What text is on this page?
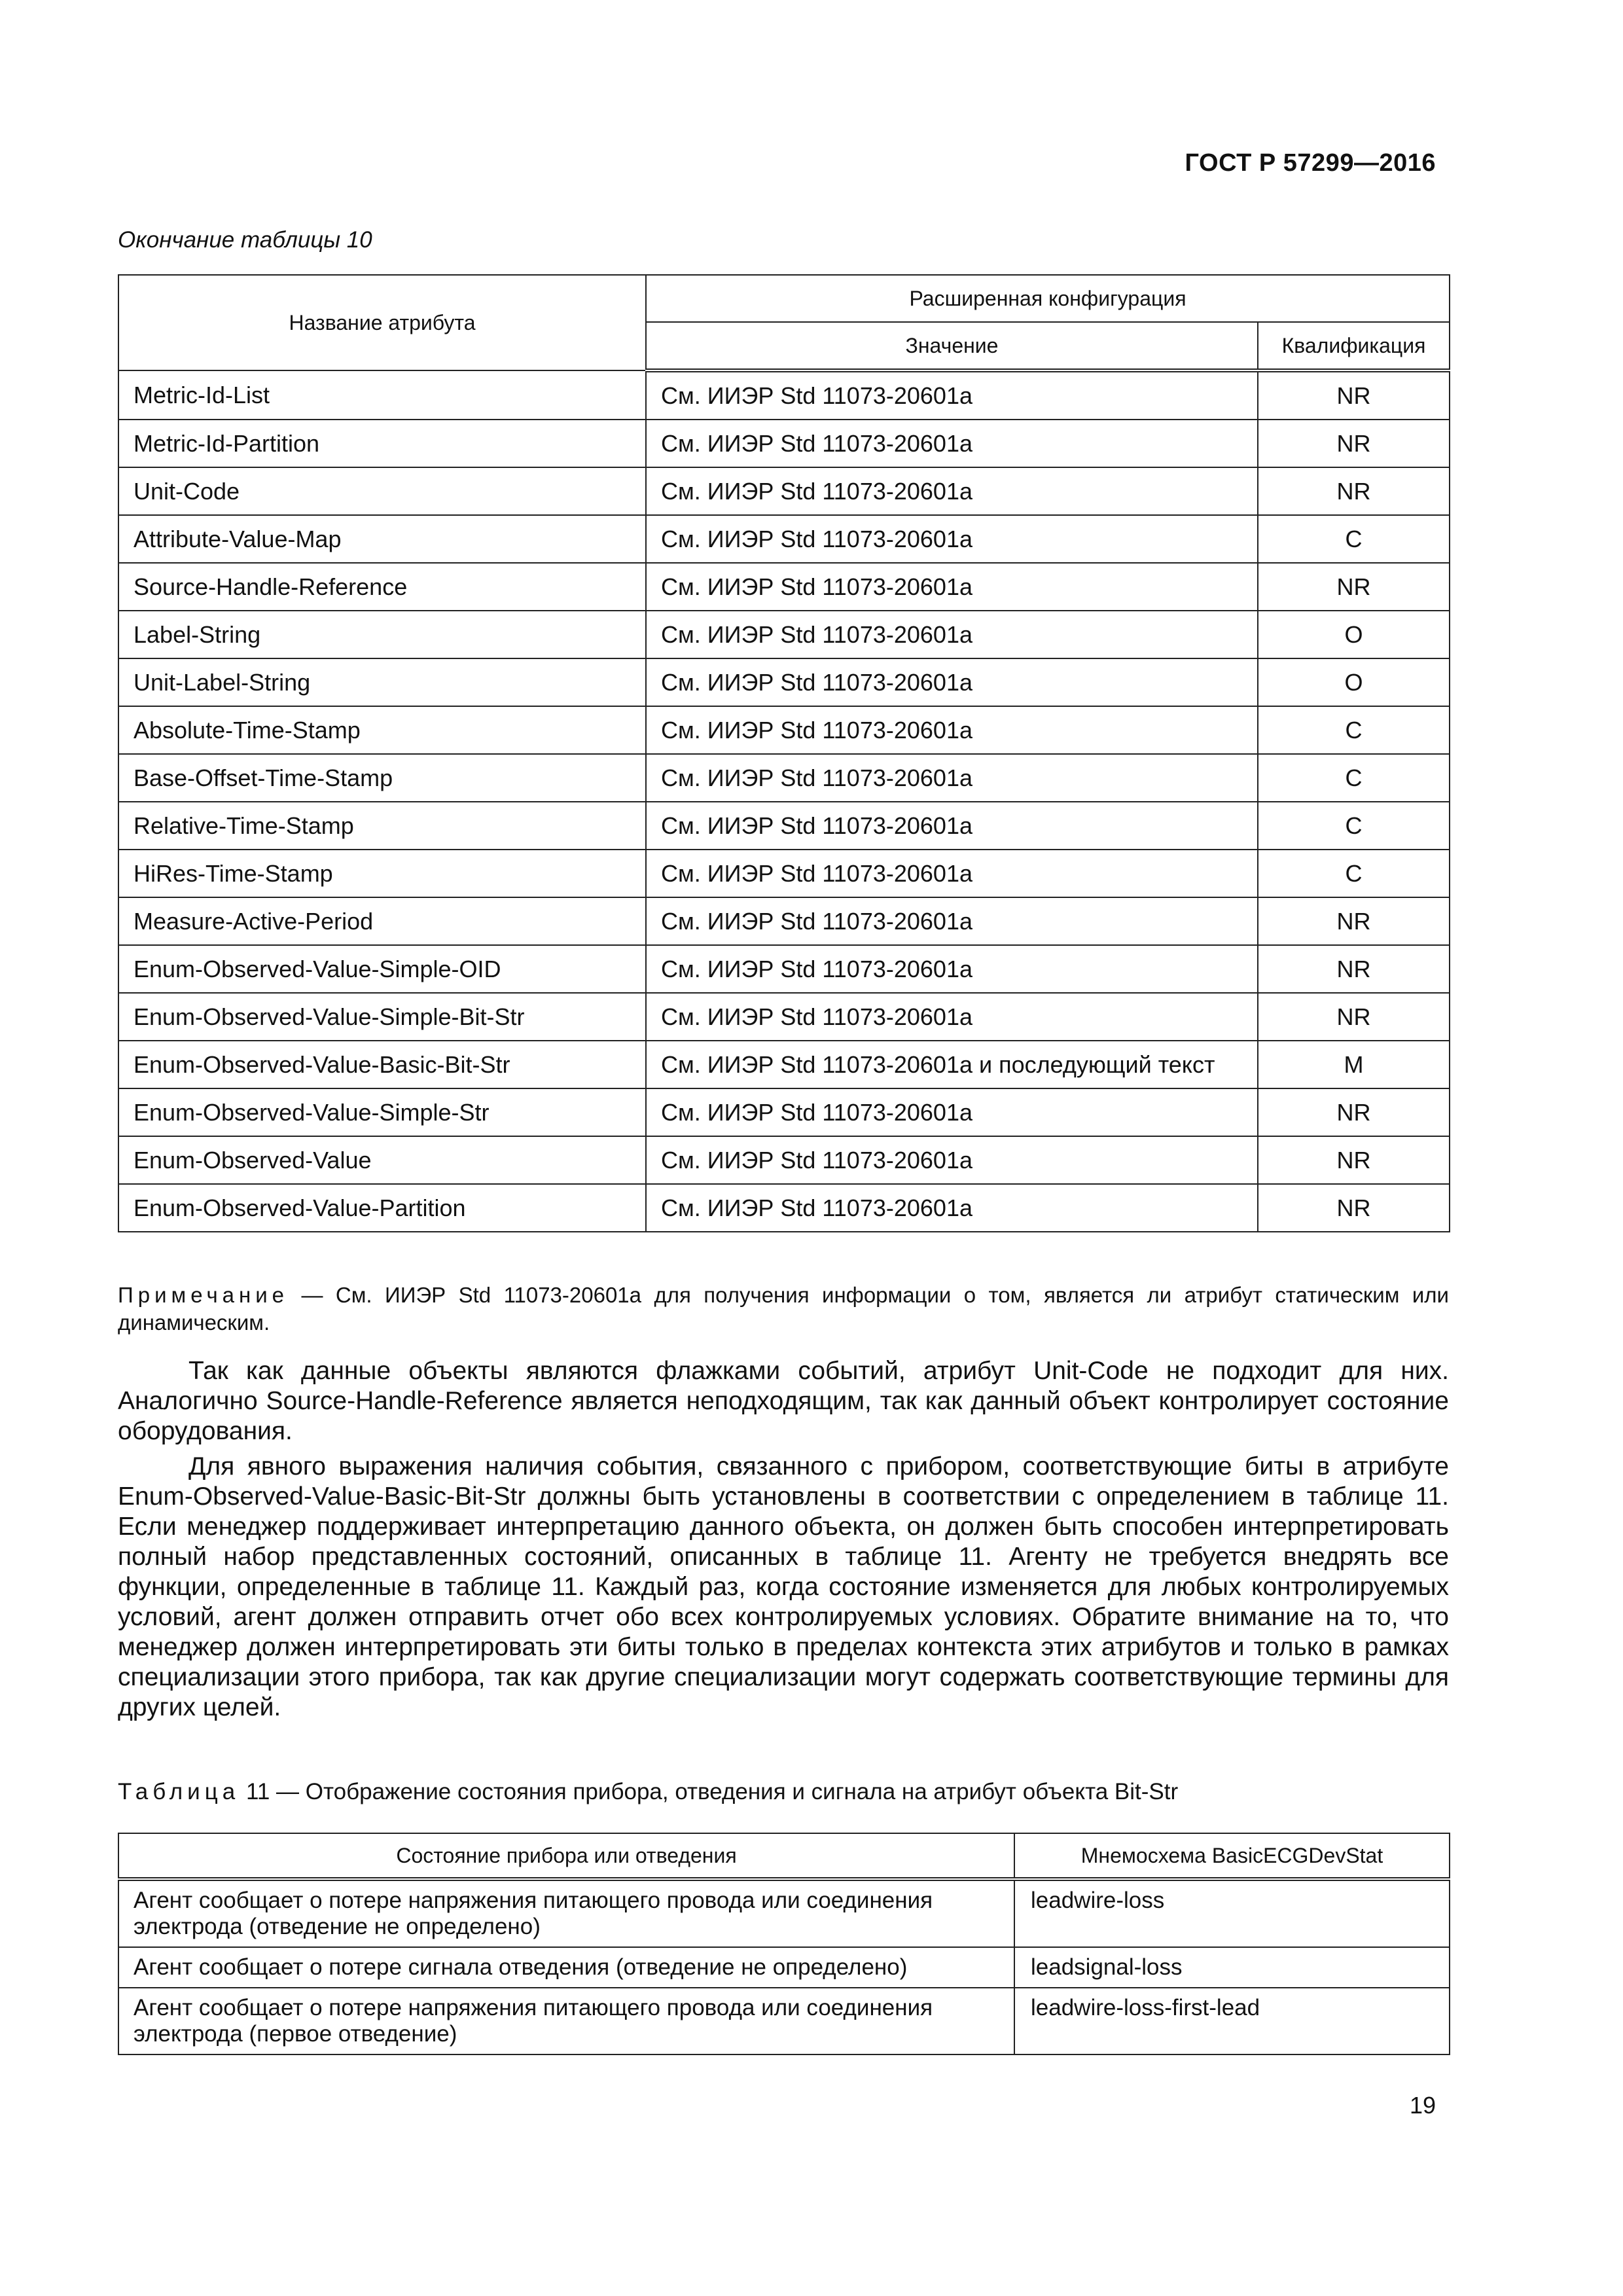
ГОСТ Р 57299—2016
Окончание таблицы 10
Название атрибута	Расширенная конфигурация	
	Значение	Квалификация
Metric-Id-List	См. ИИЭР Std 11073-20601a	NR
Metric-Id-Partition	См. ИИЭР Std 11073-20601a	NR
Unit-Code	См. ИИЭР Std 11073-20601a	NR
Attribute-Value-Map	См. ИИЭР Std 11073-20601a	C
Source-Handle-Reference	См. ИИЭР Std 11073-20601a	NR
Label-String	См. ИИЭР Std 11073-20601a	O
Unit-Label-String	См. ИИЭР Std 11073-20601a	O
Absolute-Time-Stamp	См. ИИЭР Std 11073-20601a	C
Base-Offset-Time-Stamp	См. ИИЭР Std 11073-20601a	C
Relative-Time-Stamp	См. ИИЭР Std 11073-20601a	C
HiRes-Time-Stamp	См. ИИЭР Std 11073-20601a	C
Measure-Active-Period	См. ИИЭР Std 11073-20601a	NR
Enum-Observed-Value-Simple-OID	См. ИИЭР Std 11073-20601a	NR
Enum-Observed-Value-Simple-Bit-Str	См. ИИЭР Std 11073-20601a	NR
Enum-Observed-Value-Basic-Bit-Str	См. ИИЭР Std 11073-20601a и последующий текст	M
Enum-Observed-Value-Simple-Str	См. ИИЭР Std 11073-20601a	NR
Enum-Observed-Value	См. ИИЭР Std 11073-20601a	NR
Enum-Observed-Value-Partition	См. ИИЭР Std 11073-20601a	NR
Примечание — См. ИИЭР Std 11073-20601a для получения информации о том, является ли атрибут статическим или динамическим.

Так как данные объекты являются флажками событий, атрибут Unit-Code не подходит для них. Аналогично Source-Handle-Reference является неподходящим, так как данный объект контролирует состояние оборудования.

Для явного выражения наличия события, связанного с прибором, соответствующие биты в атрибуте Enum-Observed-Value-Basic-Bit-Str должны быть установлены в соответствии с определением в таблице 11. Если менеджер поддерживает интерпретацию данного объекта, он должен быть способен интерпретировать полный набор представленных состояний, описанных в таблице 11. Агенту не требуется внедрять все функции, определенные в таблице 11. Каждый раз, когда состояние изменяется для любых контролируемых условий, агент должен отправить отчет обо всех контролируемых условиях. Обратите внимание на то, что менеджер должен интерпретировать эти биты только в пределах контекста этих атрибутов и только в рамках специализации этого прибора, так как другие специализации могут содержать соответствующие термины для других целей.

Таблица 11 — Отображение состояния прибора, отведения и сигнала на атрибут объекта Bit-Str
Состояние прибора или отведения	Мнемосхема BasicECGDevStat
Агент сообщает о потере напряжения питающего провода или соединения электрода (отведение не определено)	leadwire-loss
Агент сообщает о потере сигнала отведения (отведение не определено)	leadsignal-loss
Агент сообщает о потере напряжения питающего провода или соединения электрода (первое отведение)	leadwire-loss-first-lead
19
